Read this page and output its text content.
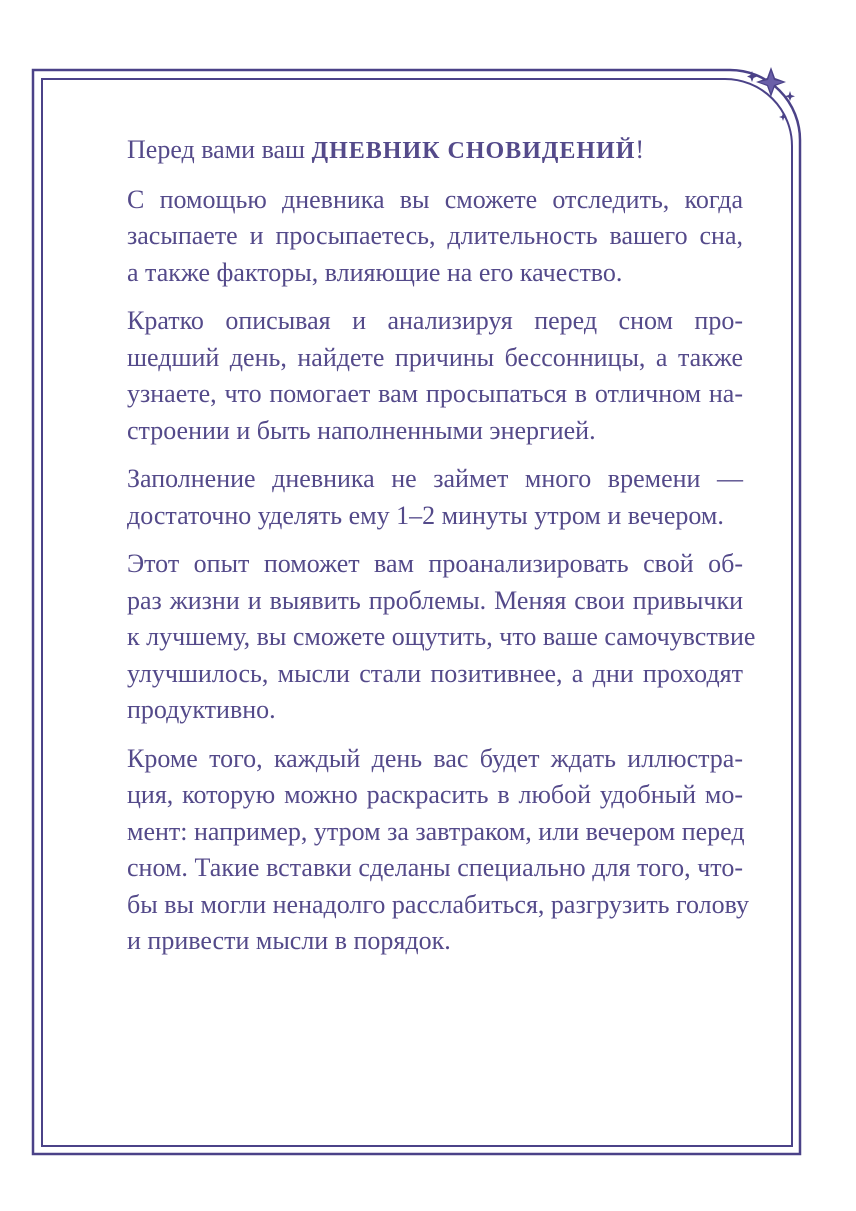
Перед вами ваш ДНЕВНИК СНОВИДЕНИЙ!

С помощью дневника вы сможете отследить, когда
засыпаете и просыпаетесь, длительность вашего сна,
а также факторы, влияющие на его качество.

Кратко описывая и анализируя перед сном про-
шедший день, найдете причины бессонницы, а также
узнаете, что помогает вам просыпаться в отличном на-
строении и быть наполненными энергией.

Заполнение дневника не займет много времени —
достаточно уделять ему 1–2 минуты утром и вечером.

Этот опыт поможет вам проанализировать свой об-
раз жизни и выявить проблемы. Меняя свои привычки
к лучшему, вы сможете ощутить, что ваше самочувствие
улучшилось, мысли стали позитивнее, а дни проходят
продуктивно.

Кроме того, каждый день вас будет ждать иллюстра-
ция, которую можно раскрасить в любой удобный мо-
мент: например, утром за завтраком, или вечером перед
сном. Такие вставки сделаны специально для того, что-
бы вы могли ненадолго расслабиться, разгрузить голову
и привести мысли в порядок.
